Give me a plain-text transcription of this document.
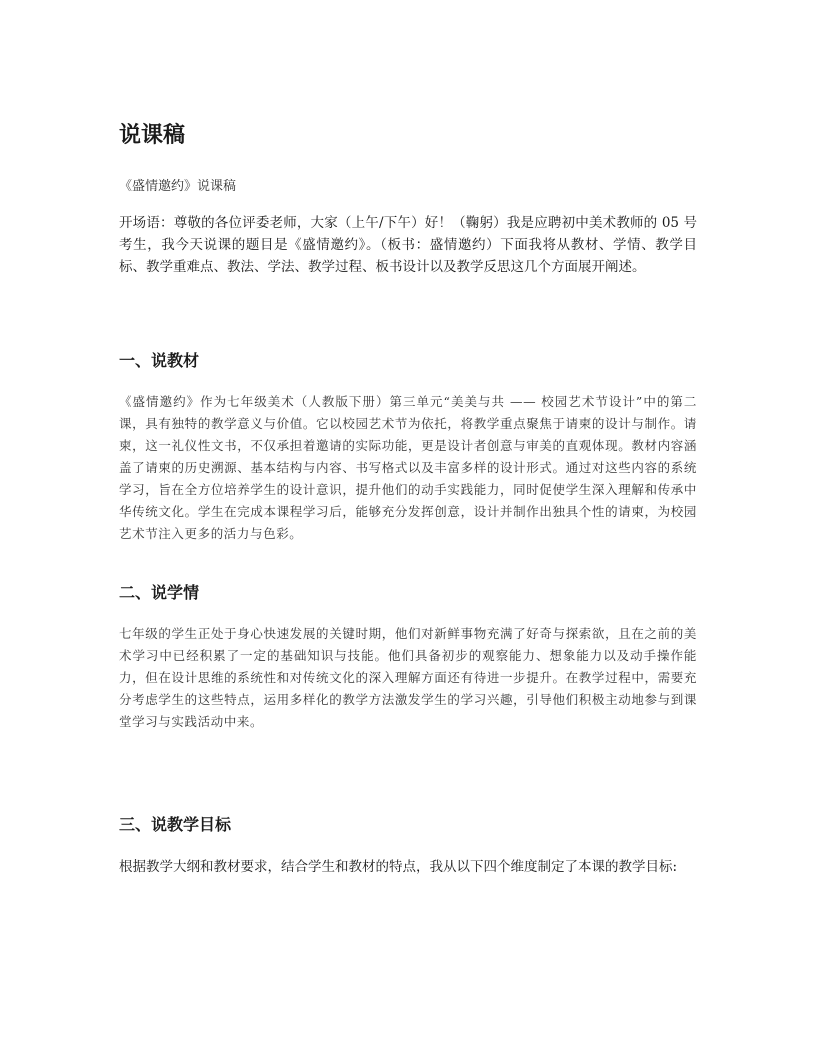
说课稿
《盛情邀约》说课稿
开场语：尊敬的各位评委老师，大家（上午/下午）好！（鞠躬）我是应聘初中美术教师的 05 号考生，我今天说课的题目是《盛情邀约》。（板书：盛情邀约）下面我将从教材、学情、教学目标、教学重难点、教法、学法、教学过程、板书设计以及教学反思这几个方面展开阐述。
一、说教材
《盛情邀约》作为七年级美术（人教版下册）第三单元“美美与共 —— 校园艺术节设计”中的第二课，具有独特的教学意义与价值。它以校园艺术节为依托，将教学重点聚焦于请柬的设计与制作。请柬，这一礼仪性文书，不仅承担着邀请的实际功能，更是设计者创意与审美的直观体现。教材内容涵盖了请柬的历史溯源、基本结构与内容、书写格式以及丰富多样的设计形式。通过对这些内容的系统学习，旨在全方位培养学生的设计意识，提升他们的动手实践能力，同时促使学生深入理解和传承中华传统文化。学生在完成本课程学习后，能够充分发挥创意，设计并制作出独具个性的请柬，为校园艺术节注入更多的活力与色彩。
二、说学情
七年级的学生正处于身心快速发展的关键时期，他们对新鲜事物充满了好奇与探索欲，且在之前的美术学习中已经积累了一定的基础知识与技能。他们具备初步的观察能力、想象能力以及动手操作能力，但在设计思维的系统性和对传统文化的深入理解方面还有待进一步提升。在教学过程中，需要充分考虑学生的这些特点，运用多样化的教学方法激发学生的学习兴趣，引导他们积极主动地参与到课堂学习与实践活动中来。
三、说教学目标
根据教学大纲和教材要求，结合学生和教材的特点，我从以下四个维度制定了本课的教学目标:
